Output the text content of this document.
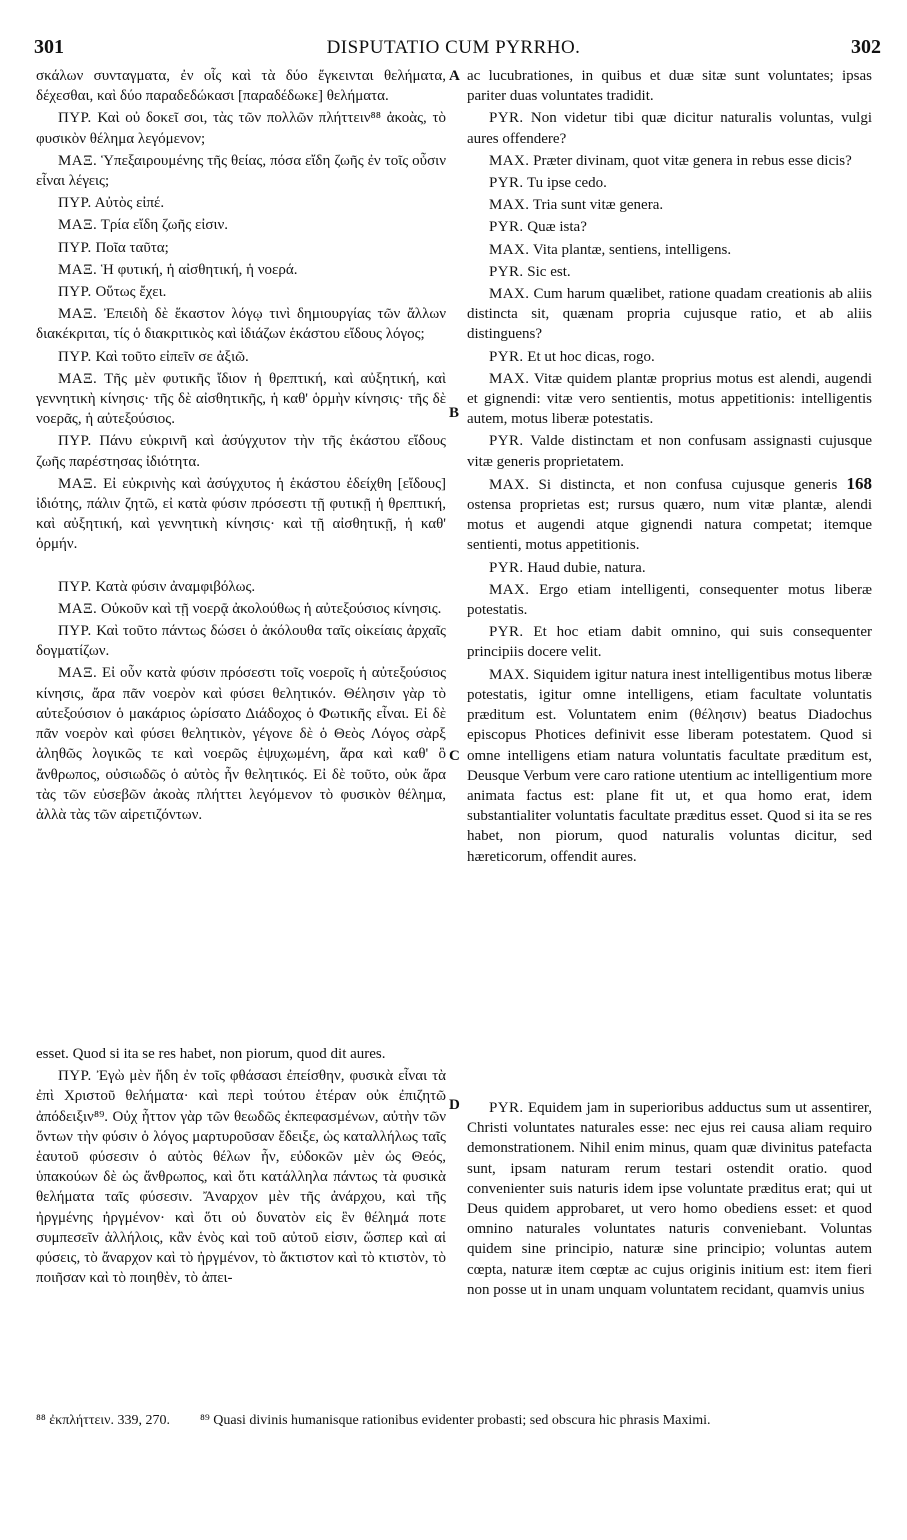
301	DISPUTATIO CUM PYRRHO.	302
A
B
C
D

σκάλων συνταγματα, ἐν οἷς καὶ τὰ δύο ἔγκεινται θελήματα, δέχεσθαι, καὶ δύο παραδεδώκασι [παραδέδωκε] θελήματα.

ΠΥΡ. Καὶ οὐ δοκεῖ σοι, τὰς τῶν πολλῶν πλήττειν⁸⁸ ἀκοὰς, τὸ φυσικὸν θέλημα λεγόμενον;

ΜΑΞ. Ὑπεξαιρουμένης τῆς θείας, πόσα εἴδη ζωῆς ἐν τοῖς οὖσιν εἶναι λέγεις;

ΠΥΡ. Αὐτὸς εἰπέ.

ΜΑΞ. Τρία εἴδη ζωῆς εἰσιν.

ΠΥΡ. Ποῖα ταῦτα;

ΜΑΞ. Ἡ φυτική, ἡ αἰσθητική, ἡ νοερά.

ΠΥΡ. Οὕτως ἔχει.

ΜΑΞ. Ἐπειδὴ δὲ ἕκαστον λόγῳ τινὶ δημιουργίας τῶν ἄλλων διακέκριται, τίς ὁ διακριτικὸς καὶ ἰδιάζων ἑκάστου εἴδους λόγος;

ΠΥΡ. Καὶ τοῦτο εἰπεῖν σε ἀξιῶ.

ΜΑΞ. Τῆς μὲν φυτικῆς ἴδιον ἡ θρεπτική, καὶ αὐξητική, καὶ γεννητικὴ κίνησις· τῆς δὲ αἰσθητικῆς, ἡ καθ' ὁρμὴν κίνησις· τῆς δὲ νοερᾶς, ἡ αὐτεξούσιος.

ΠΥΡ. Πάνυ εὐκρινῆ καὶ ἀσύγχυτον τὴν τῆς ἑκάστου εἴδους ζωῆς παρέστησας ἰδιότητα.

ΜΑΞ. Εἰ εὐκρινὴς καὶ ἀσύγχυτος ἡ ἑκάστου ἐδείχθη [εἴδους] ἰδιότης, πάλιν ζητῶ, εἰ κατὰ φύσιν πρόσεστι τῇ φυτικῇ ἡ θρεπτική, καὶ αὐξητική, καὶ γεννητικὴ κίνησις· καὶ τῇ αἰσθητικῇ, ἡ καθ' ὁρμήν.

ΠΥΡ. Κατὰ φύσιν ἀναμφιβόλως.

ΜΑΞ. Οὐκοῦν καὶ τῇ νοερᾷ ἀκολούθως ἡ αὐτεξούσιος κίνησις.

ΠΥΡ. Καὶ τοῦτο πάντως δώσει ὁ ἀκόλουθα ταῖς οἰκείαις ἀρχαῖς δογματίζων.

ΜΑΞ. Εἰ οὖν κατὰ φύσιν πρόσεστι τοῖς νοεροῖς ἡ αὐτεξούσιος κίνησις, ἄρα πᾶν νοερὸν καὶ φύσει θελητικόν. Θέλησιν γὰρ τὸ αὐτεξούσιον ὁ μακάριος ὡρίσατο Διάδοχος ὁ Φωτικῆς εἶναι. Εἰ δὲ πᾶν νοερὸν καὶ φύσει θελητικὸν, γέγονε δὲ ὁ Θεὸς Λόγος σὰρξ ἀληθῶς λογικῶς τε καὶ νοερῶς ἐψυχωμένη, ἄρα καὶ καθ' ὃ ἄνθρωπος, οὐσιωδῶς ὁ αὐτὸς ἦν θελητικός. Εἰ δὲ τοῦτο, οὐκ ἄρα τὰς τῶν εὐσεβῶν ἀκοὰς πλήττει λεγόμενον τὸ φυσικὸν θέλημα, ἀλλὰ τὰς τῶν αἱρετιζόντων.

ac lucubrationes, in quibus et duæ sitæ sunt voluntates; ipsas pariter duas voluntates tradidit.

PYR. Non videtur tibi quæ dicitur naturalis voluntas, vulgi aures offendere?

MAX. Præter divinam, quot vitæ genera in rebus esse dicis?

PYR. Tu ipse cedo.

MAX. Tria sunt vitæ genera.

PYR. Quæ ista?

MAX. Vita plantæ, sentiens, intelligens.

PYR. Sic est.

MAX. Cum harum quælibet, ratione quadam creationis ab aliis distincta sit, quænam propria cujusque ratio, et ab aliis distinguens?

PYR. Et ut hoc dicas, rogo.

MAX. Vitæ quidem plantæ proprius motus est alendi, augendi et gignendi: vitæ vero sentientis, motus appetitionis: intelligentis autem, motus liberæ potestatis.

PYR. Valde distinctam et non confusam assignasti cujusque vitæ generis proprietatem.

MAX. Si distincta, et non confusa cujusque generis 168 ostensa proprietas est; rursus quæro, num vitæ plantæ, alendi motus et augendi atque gignendi natura competat; itemque sentienti, motus appetitionis.

PYR. Haud dubie, natura.

MAX. Ergo etiam intelligenti, consequenter motus liberæ potestatis.

PYR. Et hoc etiam dabit omnino, qui suis consequenter principiis docere velit.

MAX. Siquidem igitur natura inest intelligentibus motus liberæ potestatis, igitur omne intelligens, etiam facultate voluntatis præditum est. Voluntatem enim (θέλησιν) beatus Diadochus episcopus Photices definivit esse liberam potestatem. Quod si omne intelligens etiam natura voluntatis facultate præditum est, Deusque Verbum vere caro ratione utentium ac intelligentium more animata factus est: plane fit ut, et qua homo erat, idem substantialiter voluntatis facultate præditus esset. Quod si ita se res habet, non piorum, quod naturalis voluntas dicitur, sed hæreticorum, offendit aures.

esset. Quod si ita se res habet, non piorum, quod dit aures.

ΠΥΡ. Ἐγὼ μὲν ἤδη ἐν τοῖς φθάσασι ἐπείσθην, φυσικὰ εἶναι τὰ ἐπὶ Χριστοῦ θελήματα· καὶ περὶ τούτου ἑτέραν οὐκ ἐπιζητῶ ἀπόδειξιν⁸⁹. Οὐχ ἧττον γὰρ τῶν θεωδῶς ἐκπεφασμένων, αὐτὴν τῶν ὄντων τὴν φύσιν ὁ λόγος μαρτυροῦσαν ἔδειξε, ὡς καταλλήλως ταῖς ἑαυτοῦ φύσεσιν ὁ αὐτὸς θέλων ἦν, εὐδοκῶν μὲν ὡς Θεός, ὑπακούων δὲ ὡς ἄνθρωπος, καὶ ὅτι κατάλληλα πάντως τὰ φυσικὰ θελήματα ταῖς φύσεσιν. Ἄναρχον μὲν τῆς ἀνάρχου, καὶ τῆς ἠργμένης ἠργμένον· καὶ ὅτι οὐ δυνατὸν εἰς ἓν θέλημά ποτε συμπεσεῖν ἀλλήλοις, κἂν ἑνὸς καὶ τοῦ αὐτοῦ εἰσιν, ὥσπερ καὶ αἱ φύσεις, τὸ ἄναρχον καὶ τὸ ἠργμένον, τὸ ἄκτιστον καὶ τὸ κτιστὸν, τὸ ποιῆσαν καὶ τὸ ποιηθὲν, τὸ ἀπει-

PYR. Equidem jam in superioribus adductus sum ut assentirer, Christi voluntates naturales esse: nec ejus rei causa aliam requiro demonstrationem. Nihil enim minus, quam quæ divinitus patefacta sunt, ipsam naturam rerum testari ostendit oratio. quod convenienter suis naturis idem ipse voluntate præditus erat; qui ut Deus quidem approbaret, ut vero homo obediens esset: et quod omnino naturales voluntates naturis conveniebant. Voluntas quidem sine principio, naturæ sine principio; voluntas autem cœpta, naturæ item cœptæ ac cujus originis initium est: item fieri non posse ut in unam unquam voluntatem recidant, quamvis unius

⁸⁸ ἐκπλήττειν. 339, 270. ⁸⁹ Quasi divinis humanisque rationibus evidenter probasti; sed obscura hic phrasis Maximi.
